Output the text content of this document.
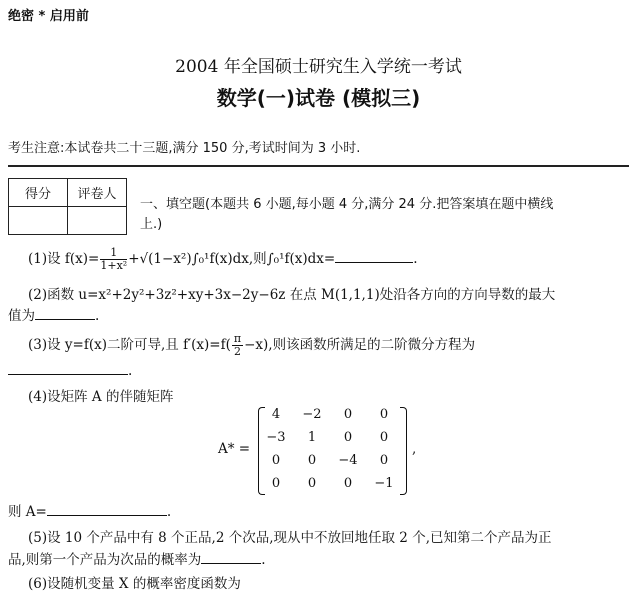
绝密 * 启用前
2004 年全国硕士研究生入学统一考试
数学(一)试卷 (模拟三)
考生注意:本试卷共二十三题,满分 150 分,考试时间为 3 小时.
得分	评卷人

一、填空题(本题共 6 小题,每小题 4 分,满分 24 分.把答案填在题中横线
上.)
(1)设 $f(x)= \frac{1}{\text{1+x²}} +√(1-x^2)\int_0^1f(x)dx$,则∫₀¹f(x)dx=	.
(2)函数 u=x²+2y²+3z²+xy+3x−2y−6z 在点 M(1,1,1)处沿各方向的方向导数的最大
值为	.
(3)设 y=f(x)二阶可导,且 $f'(x)=f( \frac{\pi}{2} -x)$,则该函数所满足的二阶微分方程为
.
(4)设矩阵 A 的伴随矩阵
A* =
4	−2	0	0
−3	1	0	0
0	0	−4	0
0	0	0	−1
,
则 A=	.
(5)设 10 个产品中有 8 个正品,2 个次品,现从中不放回地任取 2 个,已知第二个产品为正
品,则第一个产品为次品的概率为	.
(6)设随机变量 X 的概率密度函数为
